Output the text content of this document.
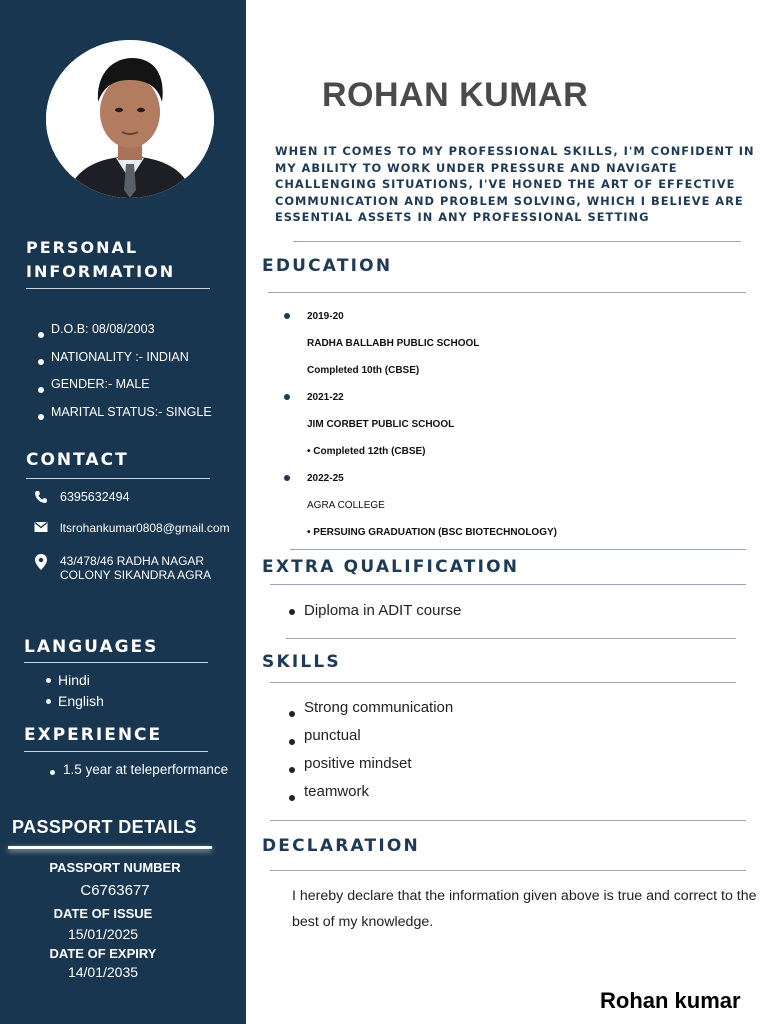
PERSONAL
INFORMATION
D.O.B: 08/08/2003
NATIONALITY :- INDIAN
GENDER:- MALE
MARITAL STATUS:- SINGLE
CONTACT
6395632494
ltsrohankumar0808@gmail.com
43/478/46 RADHA NAGAR COLONY SIKANDRA AGRA
LANGUAGES
Hindi
English
EXPERIENCE
1.5 year at teleperformance
PASSPORT DETAILS
PASSPORT NUMBER
C6763677
DATE OF ISSUE
15/01/2025
DATE OF EXPIRY
14/01/2035
ROHAN KUMAR
WHEN IT COMES TO MY PROFESSIONAL SKILLS, I'M CONFIDENT IN MY ABILITY TO WORK UNDER PRESSURE AND NAVIGATE CHALLENGING SITUATIONS, I'VE HONED THE ART OF EFFECTIVE COMMUNICATION AND PROBLEM SOLVING, WHICH I BELIEVE ARE ESSENTIAL ASSETS IN ANY PROFESSIONAL SETTING
EDUCATION
2019-20
RADHA BALLABH PUBLIC SCHOOL
Completed 10th (CBSE)
2021-22
JIM CORBET PUBLIC SCHOOL
• Completed 12th (CBSE)
2022-25
AGRA COLLEGE
• PERSUING GRADUATION (BSC BIOTECHNOLOGY)
EXTRA QUALIFICATION
Diploma in ADIT course
SKILLS
Strong communication
punctual
positive mindset
teamwork
DECLARATION
I hereby declare that the information given above is true and correct to the best of my knowledge.
Rohan kumar
